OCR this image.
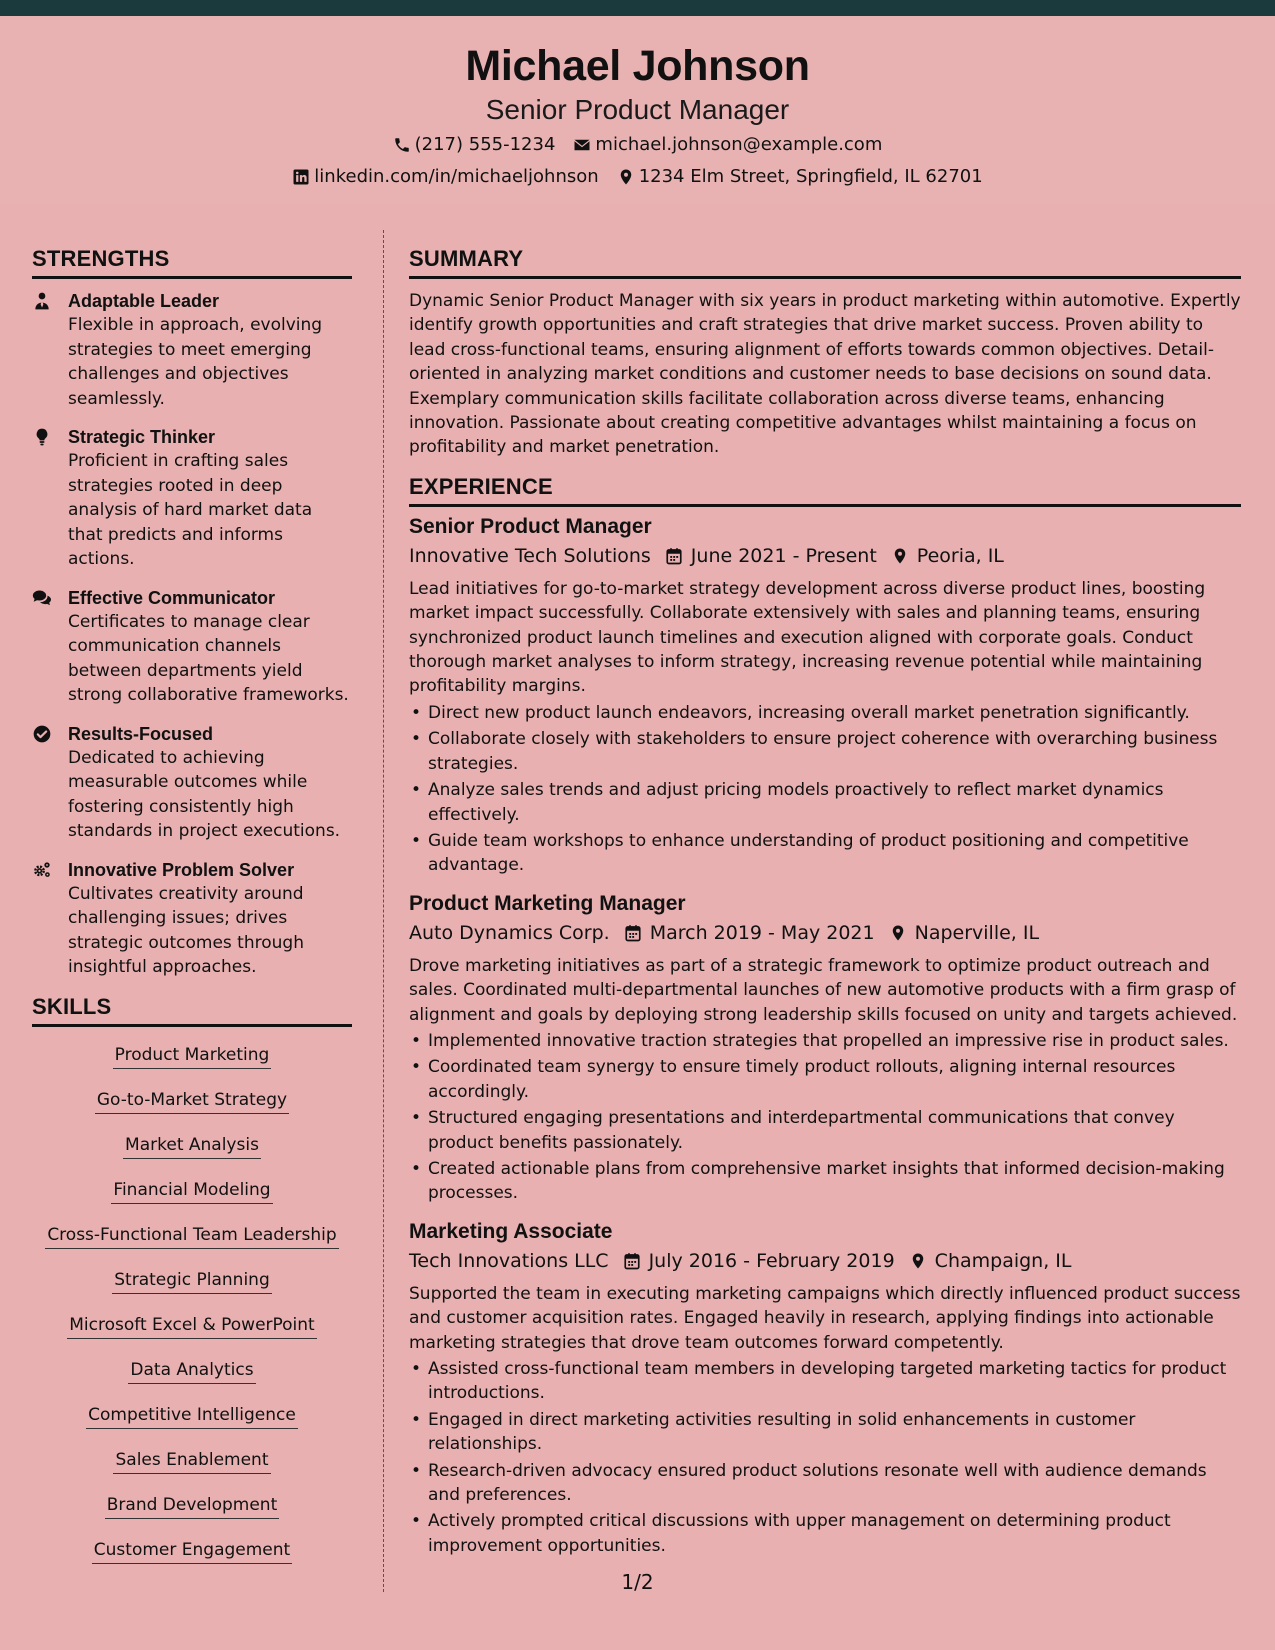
Michael Johnson
Senior Product Manager
(217) 555-1234 michael.johnson@example.com
linkedin.com/in/michaeljohnson 1234 Elm Street, Springfield, IL 62701
STRENGTHS
Adaptable Leader
Flexible in approach, evolving strategies to meet emerging challenges and objectives seamlessly.
Strategic Thinker
Proficient in crafting sales strategies rooted in deep analysis of hard market data that predicts and informs actions.
Effective Communicator
Certificates to manage clear communication channels between departments yield strong collaborative frameworks.
Results-Focused
Dedicated to achieving measurable outcomes while fostering consistently high standards in project executions.
Innovative Problem Solver
Cultivates creativity around challenging issues; drives strategic outcomes through insightful approaches.
SKILLS
Product Marketing
Go-to-Market Strategy
Market Analysis
Financial Modeling
Cross-Functional Team Leadership
Strategic Planning
Microsoft Excel & PowerPoint
Data Analytics
Competitive Intelligence
Sales Enablement
Brand Development
Customer Engagement
SUMMARY

Dynamic Senior Product Manager with six years in product marketing within automotive. Expertly identify growth opportunities and craft strategies that drive market success. Proven ability to lead cross-functional teams, ensuring alignment of efforts towards common objectives. Detail-oriented in analyzing market conditions and customer needs to base decisions on sound data. Exemplary communication skills facilitate collaboration across diverse teams, enhancing innovation. Passionate about creating competitive advantages whilst maintaining a focus on profitability and market penetration.

EXPERIENCE
Senior Product Manager
Innovative Tech Solutions June 2021 - Present Peoria, IL
Lead initiatives for go-to-market strategy development across diverse product lines, boosting market impact successfully. Collaborate extensively with sales and planning teams, ensuring synchronized product launch timelines and execution aligned with corporate goals. Conduct thorough market analyses to inform strategy, increasing revenue potential while maintaining profitability margins.
• Direct new product launch endeavors, increasing overall market penetration significantly.
• Collaborate closely with stakeholders to ensure project coherence with overarching business strategies.
• Analyze sales trends and adjust pricing models proactively to reflect market dynamics effectively.
• Guide team workshops to enhance understanding of product positioning and competitive advantage.
Product Marketing Manager
Auto Dynamics Corp. March 2019 - May 2021 Naperville, IL
Drove marketing initiatives as part of a strategic framework to optimize product outreach and sales. Coordinated multi-departmental launches of new automotive products with a firm grasp of alignment and goals by deploying strong leadership skills focused on unity and targets achieved.
• Implemented innovative traction strategies that propelled an impressive rise in product sales.
• Coordinated team synergy to ensure timely product rollouts, aligning internal resources accordingly.
• Structured engaging presentations and interdepartmental communications that convey product benefits passionately.
• Created actionable plans from comprehensive market insights that informed decision-making processes.
Marketing Associate
Tech Innovations LLC July 2016 - February 2019 Champaign, IL
Supported the team in executing marketing campaigns which directly influenced product success and customer acquisition rates. Engaged heavily in research, applying findings into actionable marketing strategies that drove team outcomes forward competently.
• Assisted cross-functional team members in developing targeted marketing tactics for product introductions.
• Engaged in direct marketing activities resulting in solid enhancements in customer relationships.
• Research-driven advocacy ensured product solutions resonate well with audience demands and preferences.
• Actively prompted critical discussions with upper management on determining product improvement opportunities.
1/2
